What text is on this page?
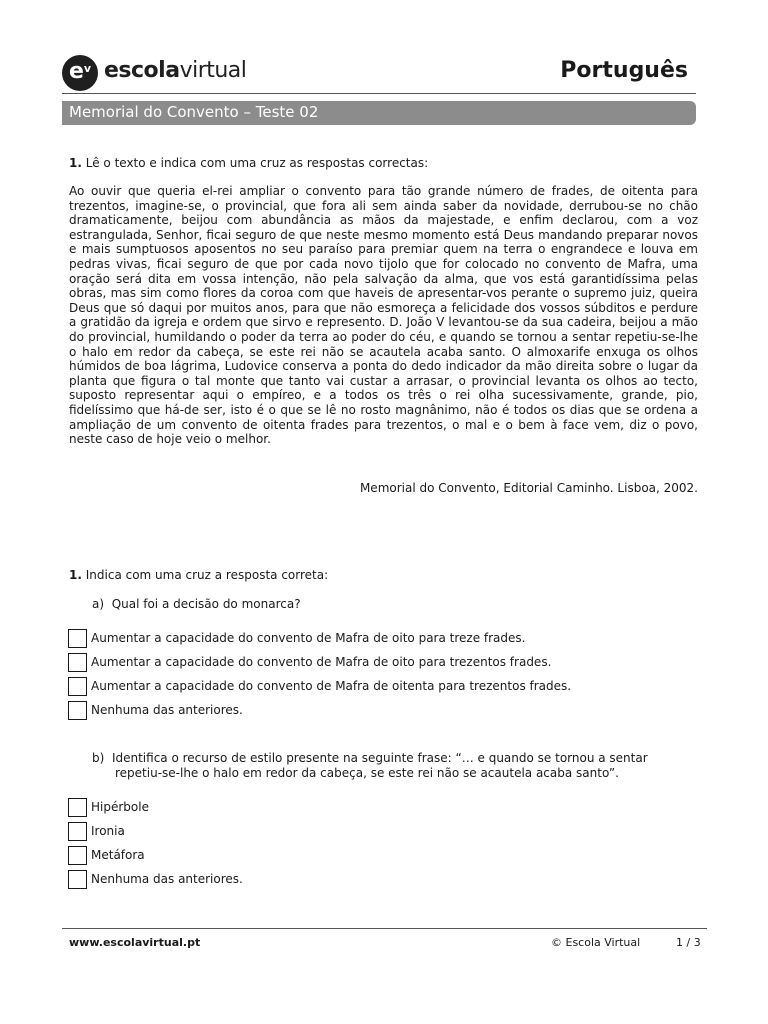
$e^v$ escolavirtual	Português
Memorial do Convento – Teste 02
1. Lê o texto e indica com uma cruz as respostas correctas:
Ao ouvir que queria el-rei ampliar o convento para tão grande número de frades, de oitenta para trezentos, imagine-se, o provincial, que fora ali sem ainda saber da novidade, derrubou-se no chão dramaticamente, beijou com abundância as mãos da majestade, e enfim declarou, com a voz estrangulada, Senhor, ficai seguro de que neste mesmo momento está Deus mandando preparar novos e mais sumptuosos aposentos no seu paraíso para premiar quem na terra o engrandece e louva em pedras vivas, ficai seguro de que por cada novo tijolo que for colocado no convento de Mafra, uma oração será dita em vossa intenção, não pela salvação da alma, que vos está garantidíssima pelas obras, mas sim como flores da coroa com que haveis de apresentar-vos perante o supremo juiz, queira Deus que só daqui por muitos anos, para que não esmoreça a felicidade dos vossos súbditos e perdure a gratidão da igreja e ordem que sirvo e represento. D. João V levantou-se da sua cadeira, beijou a mão do provincial, humildando o poder da terra ao poder do céu, e quando se tornou a sentar repetiu-se-lhe o halo em redor da cabeça, se este rei não se acautela acaba santo. O almoxarife enxuga os olhos húmidos de boa lágrima, Ludovice conserva a ponta do dedo indicador da mão direita sobre o lugar da planta que figura o tal monte que tanto vai custar a arrasar, o provincial levanta os olhos ao tecto, suposto representar aqui o empíreo, e a todos os três o rei olha sucessivamente, grande, pio, fidelíssimo que há-de ser, isto é o que se lê no rosto magnânimo, não é todos os dias que se ordena a ampliação de um convento de oitenta frades para trezentos, o mal e o bem à face vem, diz o povo, neste caso de hoje veio o melhor.
Memorial do Convento, Editorial Caminho. Lisboa, 2002.
1. Indica com uma cruz a resposta correta:
a) Qual foi a decisão do monarca?
Aumentar a capacidade do convento de Mafra de oito para treze frades.
Aumentar a capacidade do convento de Mafra de oito para trezentos frades.
Aumentar a capacidade do convento de Mafra de oitenta para trezentos frades.
Nenhuma das anteriores.
b) Identifica o recurso de estilo presente na seguinte frase: “… e quando se tornou a sentar
repetiu-se-lhe o halo em redor da cabeça, se este rei não se acautela acaba santo”.
Hipérbole
Ironia
Metáfora
Nenhuma das anteriores.
www.escolavirtual.pt	© Escola Virtual	1 / 3
